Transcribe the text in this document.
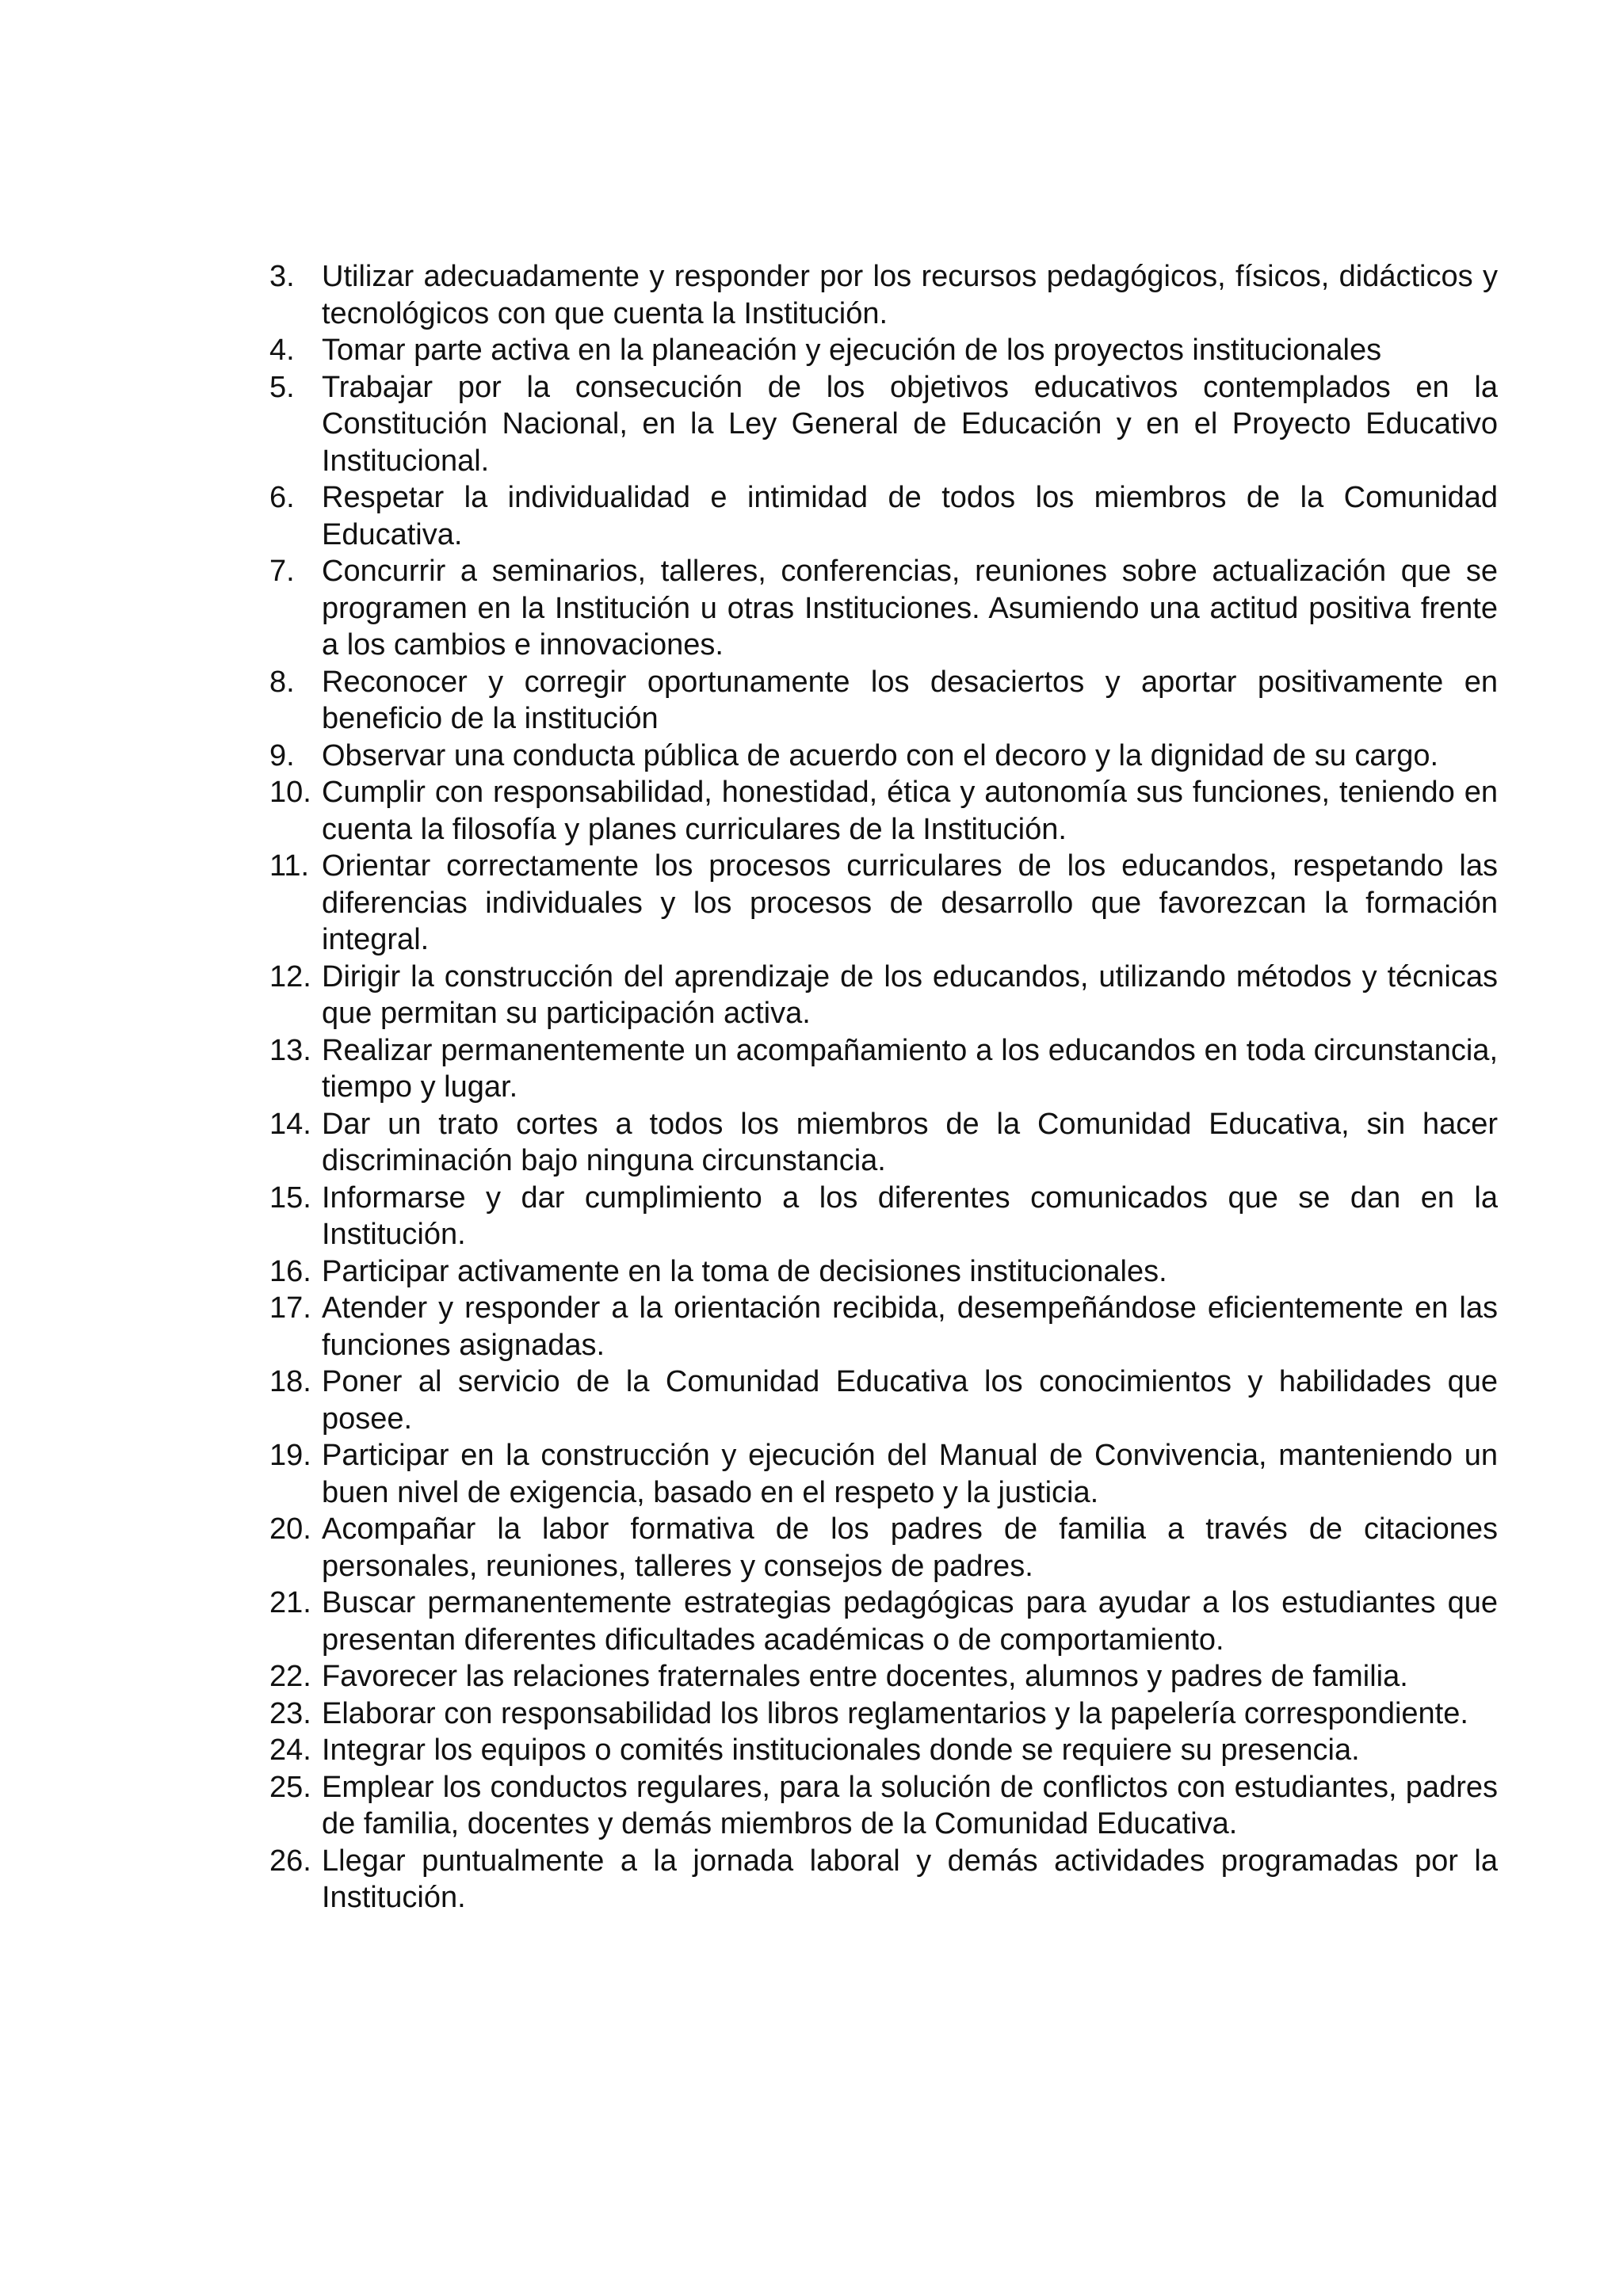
3. Utilizar adecuadamente y responder por los recursos pedagógicos, físicos, didácticos y tecnológicos con que cuenta la Institución.
4. Tomar parte activa en la planeación y ejecución de los proyectos institucionales
5. Trabajar por la consecución de los objetivos educativos contemplados en la Constitución Nacional, en la Ley General de Educación y en el Proyecto Educativo Institucional.
6. Respetar la individualidad e intimidad de todos los miembros de la Comunidad Educativa.
7. Concurrir a seminarios, talleres, conferencias, reuniones sobre actualización que se programen en la Institución u otras Instituciones. Asumiendo una actitud positiva frente a los cambios e innovaciones.
8. Reconocer y corregir oportunamente los desaciertos y aportar positivamente en beneficio de la institución
9. Observar una conducta pública de acuerdo con el decoro y la dignidad de su cargo.
10. Cumplir con responsabilidad, honestidad, ética y autonomía sus funciones, teniendo en cuenta la filosofía y planes curriculares de la Institución.
11. Orientar correctamente los procesos curriculares de los educandos, respetando las diferencias individuales y los procesos de desarrollo que favorezcan la formación integral.
12. Dirigir la construcción del aprendizaje de los educandos, utilizando métodos y técnicas que permitan su participación activa.
13. Realizar permanentemente un acompañamiento a los educandos en toda circunstancia, tiempo y lugar.
14. Dar un trato cortes a todos los miembros de la Comunidad Educativa, sin hacer discriminación bajo ninguna circunstancia.
15. Informarse y dar cumplimiento a los diferentes comunicados que se dan en la Institución.
16. Participar activamente en la toma de decisiones institucionales.
17. Atender y responder a la orientación recibida, desempeñándose eficientemente en las funciones asignadas.
18. Poner al servicio de la Comunidad Educativa los conocimientos y habilidades que posee.
19. Participar en la construcción y ejecución del Manual de Convivencia, manteniendo un buen nivel de exigencia, basado en el respeto y la justicia.
20. Acompañar la labor formativa de los padres de familia a través de citaciones personales, reuniones, talleres y consejos de padres.
21. Buscar permanentemente estrategias pedagógicas para ayudar a los estudiantes que presentan diferentes dificultades académicas o de comportamiento.
22. Favorecer las relaciones fraternales entre docentes, alumnos y padres de familia.
23. Elaborar con responsabilidad los libros reglamentarios y la papelería correspondiente.
24. Integrar los equipos o comités institucionales donde se requiere su presencia.
25. Emplear los conductos regulares, para la solución de conflictos con estudiantes, padres de familia, docentes y demás miembros de la Comunidad Educativa.
26. Llegar puntualmente a la jornada laboral y demás actividades programadas por la Institución.
